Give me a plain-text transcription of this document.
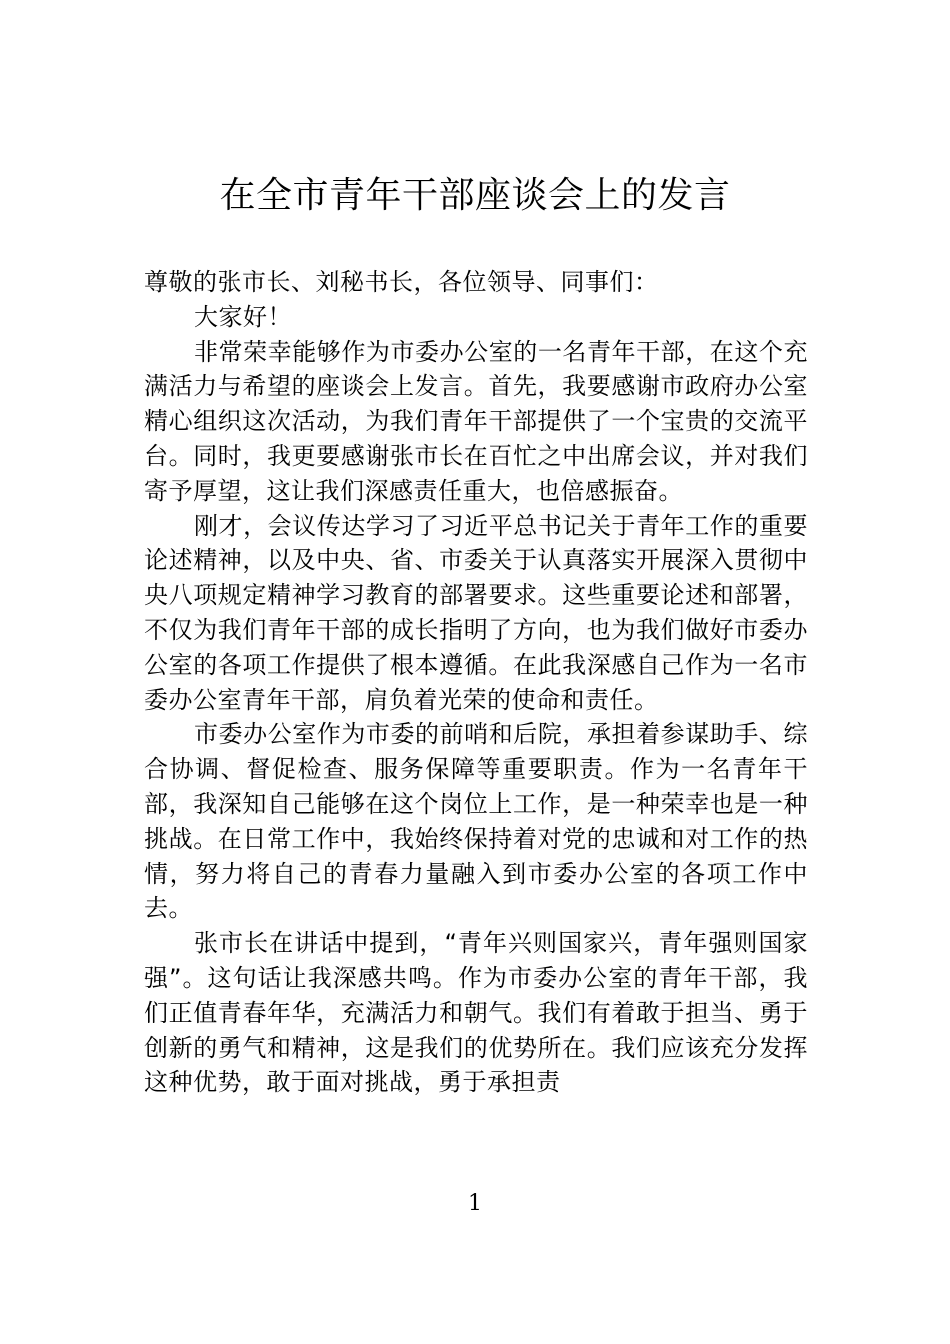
在全市青年干部座谈会上的发言

尊敬的张市长、刘秘书长，各位领导、同事们：

大家好！

非常荣幸能够作为市委办公室的一名青年干部，在这个充满活力与希望的座谈会上发言。首先，我要感谢市政府办公室精心组织这次活动，为我们青年干部提供了一个宝贵的交流平台。同时，我更要感谢张市长在百忙之中出席会议，并对我们寄予厚望，这让我们深感责任重大，也倍感振奋。

刚才，会议传达学习了习近平总书记关于青年工作的重要论述精神，以及中央、省、市委关于认真落实开展深入贯彻中央八项规定精神学习教育的部署要求。这些重要论述和部署，不仅为我们青年干部的成长指明了方向，也为我们做好市委办公室的各项工作提供了根本遵循。在此我深感自己作为一名市委办公室青年干部，肩负着光荣的使命和责任。

市委办公室作为市委的前哨和后院，承担着参谋助手、综合协调、督促检查、服务保障等重要职责。作为一名青年干部，我深知自己能够在这个岗位上工作，是一种荣幸也是一种挑战。在日常工作中，我始终保持着对党的忠诚和对工作的热情，努力将自己的青春力量融入到市委办公室的各项工作中去。

张市长在讲话中提到，“青年兴则国家兴，青年强则国家强”。这句话让我深感共鸣。作为市委办公室的青年干部，我们正值青春年华，充满活力和朝气。我们有着敢于担当、勇于创新的勇气和精神，这是我们的优势所在。我们应该充分发挥这种优势，敢于面对挑战，勇于承担责

1
